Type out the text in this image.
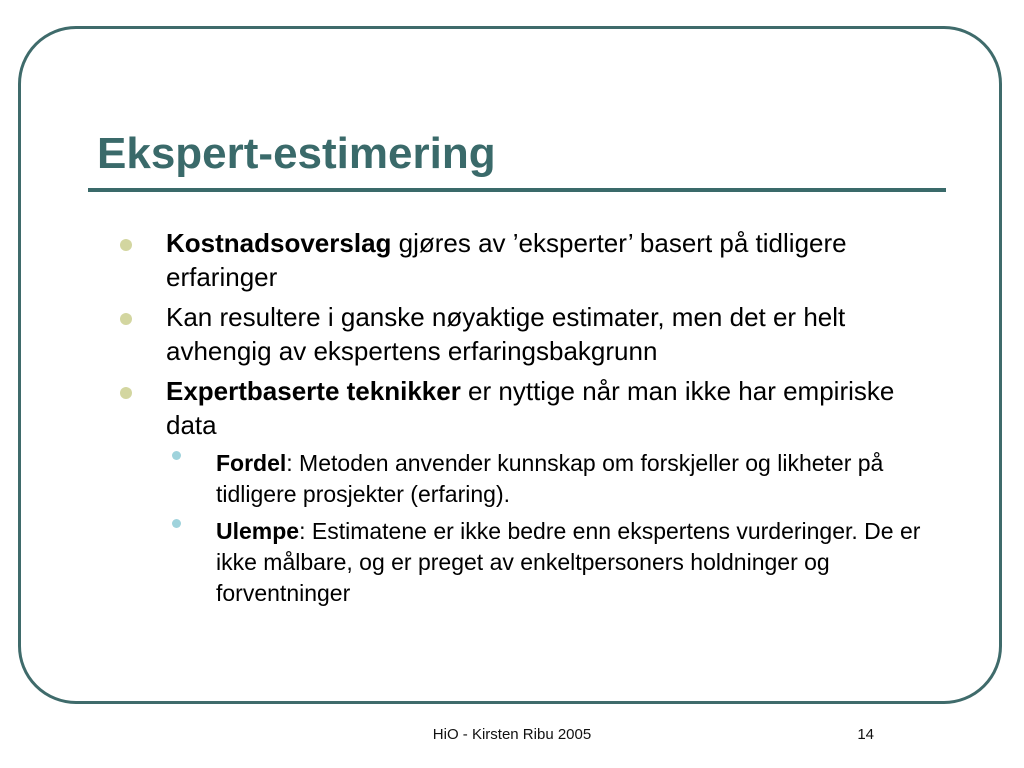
Ekspert-estimering
Kostnadsoverslag gjøres av ’eksperter’ basert på tidligere erfaringer
Kan resultere i ganske nøyaktige estimater, men det er helt avhengig av ekspertens erfaringsbakgrunn
Expertbaserte teknikker er nyttige når man ikke har empiriske data
Fordel: Metoden anvender kunnskap om forskjeller og likheter på tidligere prosjekter (erfaring).
Ulempe: Estimatene er ikke bedre enn ekspertens vurderinger. De er ikke målbare, og er preget av enkeltpersoners holdninger og forventninger
HiO - Kirsten Ribu 2005	14
